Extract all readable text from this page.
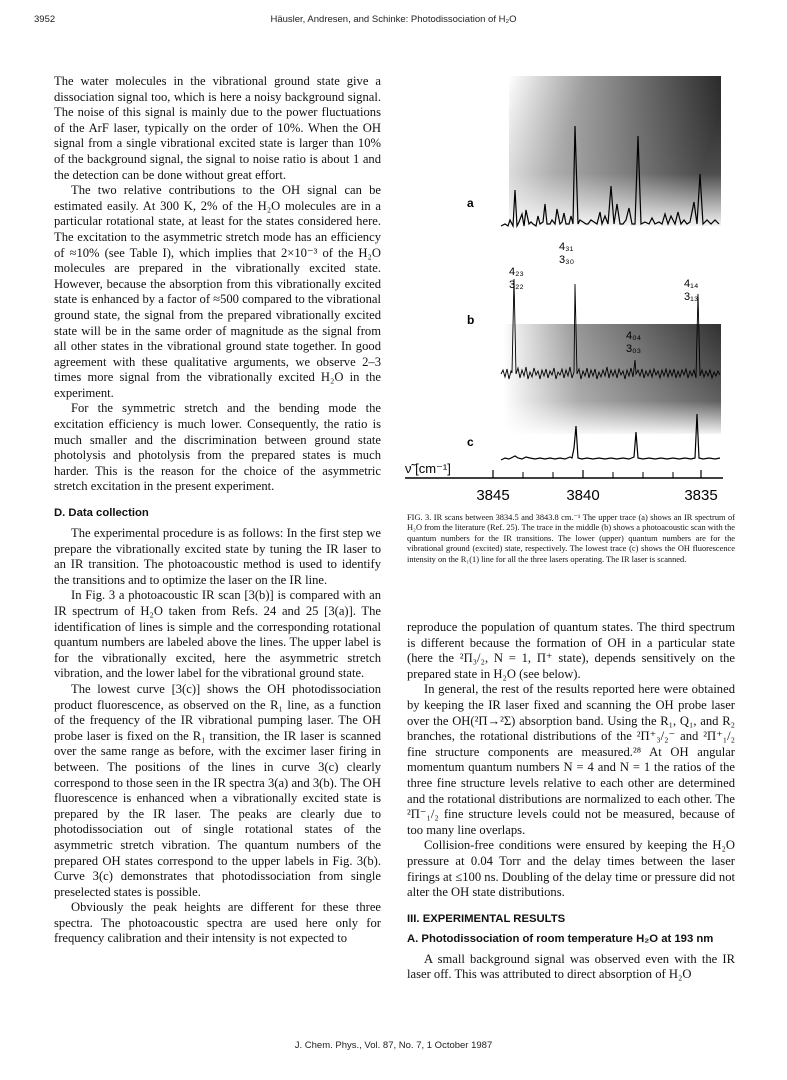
3952	Häusler, Andresen, and Schinke: Photodissociation of H₂O

The water molecules in the vibrational ground state give a dissociation signal too, which is here a noisy background signal. The noise of this signal is mainly due to the power fluctuations of the ArF laser, typically on the order of 10%. When the OH signal from a single vibrational excited state is larger than 10% of the background signal, the signal to noise ratio is about 1 and the detection can be done without great effort.

The two relative contributions to the OH signal can be estimated easily. At 300 K, 2% of the H₂O molecules are in a particular rotational state, at least for the states considered here. The excitation to the asymmetric stretch mode has an efficiency of ≈10% (see Table I), which implies that 2×10⁻³ of the H₂O molecules are prepared in the vibrationally excited state. However, because the absorption from this vibrationally excited state is enhanced by a factor of ≈500 compared to the vibrational ground state, the signal from the prepared vibrationally excited state will be in the same order of magnitude as the signal from all other states in the vibrational ground state together. In good agreement with these qualitative arguments, we observe 2–3 times more signal from the vibrationally excited H₂O in the experiment.

For the symmetric stretch and the bending mode the excitation efficiency is much lower. Consequently, the ratio is much smaller and the discrimination between ground state photolysis and photolysis from the prepared states is much harder. This is the reason for the choice of the asymmetric stretch excitation in the present experiment.

D. Data collection

The experimental procedure is as follows: In the first step we prepare the vibrationally excited state by tuning the IR laser to an IR transition. The photoacoustic method is used to identify the transitions and to optimize the laser on the IR line.

In Fig. 3 a photoacoustic IR scan [3(b)] is compared with an IR spectrum of H₂O taken from Refs. 24 and 25 [3(a)]. The identification of lines is simple and the corresponding rotational quantum numbers are labeled above the lines. The upper label is for the vibrationally excited, here the asymmetric stretch vibration, and the lower label for the vibrational ground state.

The lowest curve [3(c)] shows the OH photodissociation product fluorescence, as observed on the R₁ line, as a function of the frequency of the IR vibrational pumping laser. The OH probe laser is fixed on the R₁ transition, the IR laser is scanned over the same range as before, with the excimer laser firing in between. The positions of the lines in curve 3(c) clearly correspond to those seen in the IR spectra 3(a) and 3(b). The OH fluorescence is enhanced when a vibrationally excited state is prepared by the IR laser. The peaks are clearly due to photodissociation out of single rotational states of the asymmetric stretch vibration. The quantum numbers of the prepared OH states correspond to the upper labels in Fig. 3(b). Curve 3(c) demonstrates that photodissociation from single preselected states is possible.

Obviously the peak heights are different for these three spectra. The photoacoustic spectra are used here only for frequency calibration and their intensity is not expected to

a
b
c
4₂₃
3₂₂
4₃₁
3₃₀
4₀₄
3₀₃
4₁₄
3₁₃
ν̃ [cm⁻¹]
3845	3840	3835
FIG. 3. IR scans between 3834.5 and 3843.8 cm.⁻¹ The upper trace (a) shows an IR spectrum of H₂O from the literature (Ref. 25). The trace in the middle (b) shows a photoacoustic scan with the quantum numbers for the IR transitions. The lower (upper) quantum numbers are for the vibrational ground (excited) state, respectively. The lowest trace (c) shows the OH fluorescence intensity on the R₁(1) line for all the three lasers operating. The IR laser is scanned.

reproduce the population of quantum states. The third spectrum is different because the formation of OH in a particular state (here the ²Π₃/₂, N = 1, Π⁺ state), depends sensitively on the prepared state in H₂O (see below).

In general, the rest of the results reported here were obtained by keeping the IR laser fixed and scanning the OH probe laser over the OH(²Π→²Σ) absorption band. Using the R₁, Q₁, and R₂ branches, the rotational distributions of the ²Π⁺₃/₂⁻ and ²Π⁺₁/₂ fine structure components are measured.²⁸ At OH angular momentum quantum numbers N = 4 and N = 1 the ratios of the three fine structure levels relative to each other are determined and the rotational distributions are normalized to each other. The ²Π⁻₁/₂ fine structure levels could not be measured, because of too many line overlaps.

Collision-free conditions were ensured by keeping the H₂O pressure at 0.04 Torr and the delay times between the laser firings at ≤100 ns. Doubling of the delay time or pressure did not alter the OH state distributions.

III. EXPERIMENTAL RESULTS
A. Photodissociation of room temperature H₂O at 193 nm

A small background signal was observed even with the IR laser off. This was attributed to direct absorption of H₂O

J. Chem. Phys., Vol. 87, No. 7, 1 October 1987
